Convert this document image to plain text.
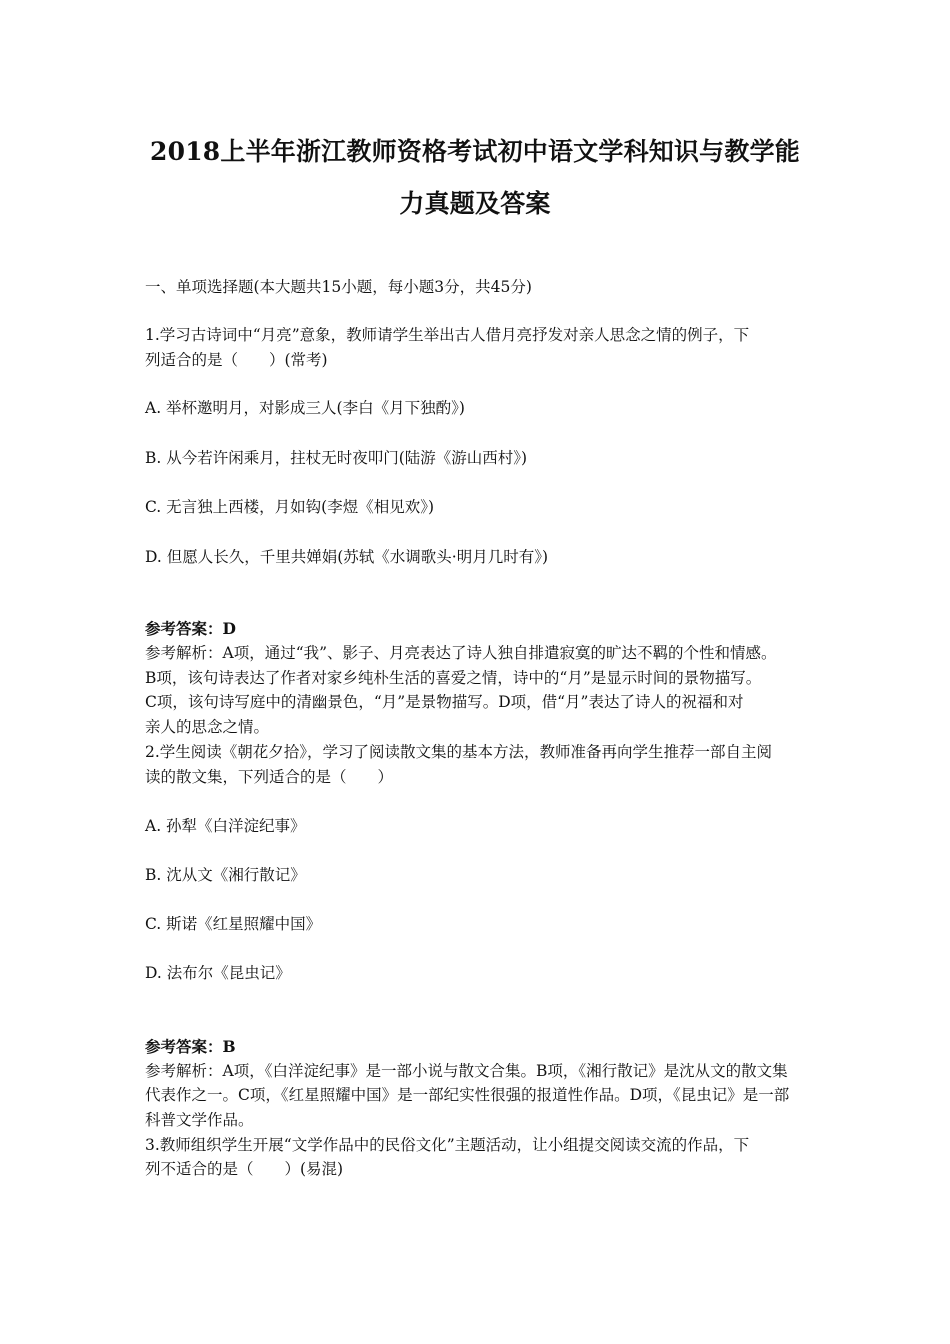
2018上半年浙江教师资格考试初中语文学科知识与教学能
力真题及答案
一、单项选择题(本大题共15小题，每小题3分，共45分)
1.学习古诗词中“月亮”意象，教师请学生举出古人借月亮抒发对亲人思念之情的例子，下
列适合的是（　　）(常考)
A. 举杯邀明月，对影成三人(李白《月下独酌》)
B. 从今若许闲乘月，拄杖无时夜叩门(陆游《游山西村》)
C. 无言独上西楼，月如钩(李煜《相见欢》)
D. 但愿人长久，千里共婵娟(苏轼《水调歌头·明月几时有》)
参考答案：D
参考解析：A项，通过“我”、影子、月亮表达了诗人独自排遣寂寞的旷达不羁的个性和情感。
B项，该句诗表达了作者对家乡纯朴生活的喜爱之情，诗中的“月”是显示时间的景物描写。
C项，该句诗写庭中的清幽景色，“月”是景物描写。D项，借“月”表达了诗人的祝福和对
亲人的思念之情。
2.学生阅读《朝花夕拾》，学习了阅读散文集的基本方法，教师准备再向学生推荐一部自主阅
读的散文集，下列适合的是（　　）
A. 孙犁《白洋淀纪事》
B. 沈从文《湘行散记》
C. 斯诺《红星照耀中国》
D. 法布尔《昆虫记》
参考答案：B
参考解析：A项，《白洋淀纪事》是一部小说与散文合集。B项，《湘行散记》是沈从文的散文集
代表作之一。C项，《红星照耀中国》是一部纪实性很强的报道性作品。D项，《昆虫记》是一部
科普文学作品。
3.教师组织学生开展“文学作品中的民俗文化”主题活动，让小组提交阅读交流的作品，下
列不适合的是（　　）(易混)
